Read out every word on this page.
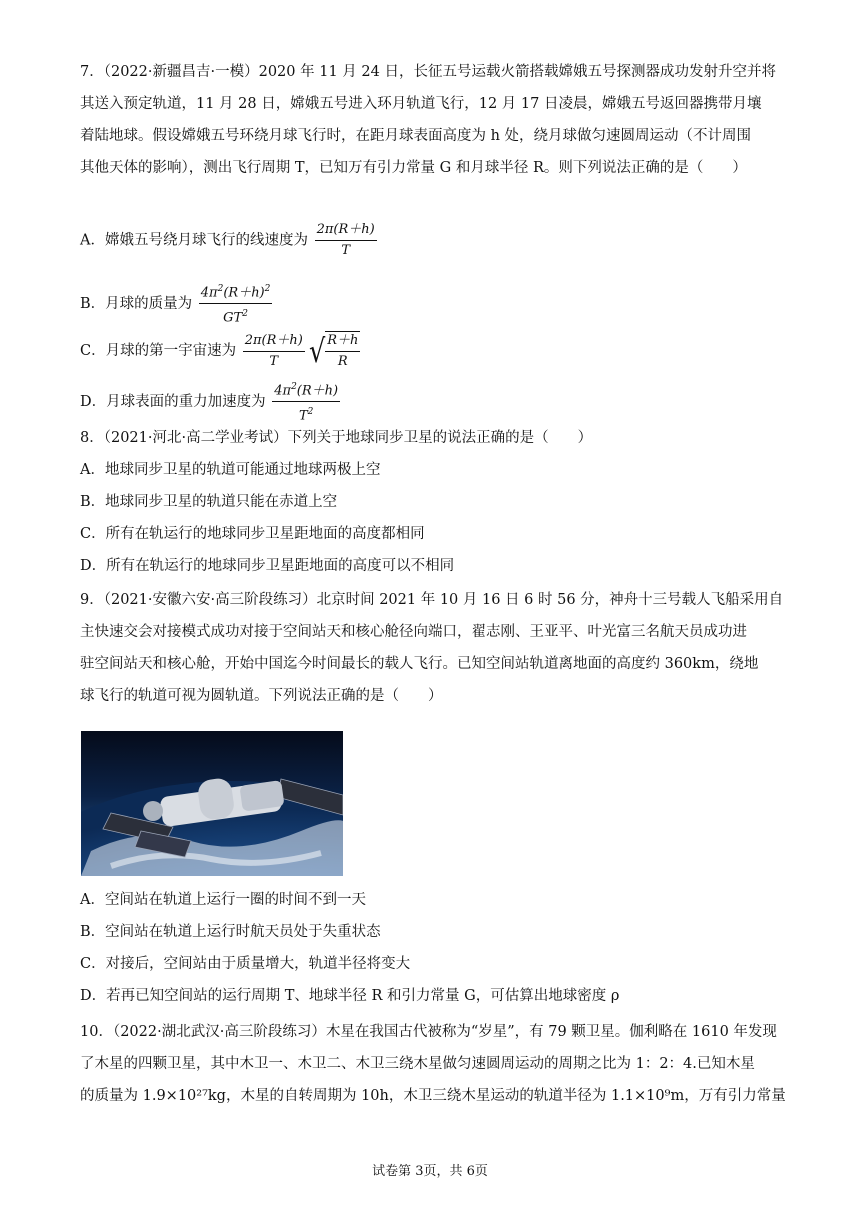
7．（2022·新疆昌吉·一模）2020 年 11 月 24 日，长征五号运载火箭搭载嫦娥五号探测器成功发射升空并将
其送入预定轨道，11 月 28 日，嫦娥五号进入环月轨道飞行，12 月 17 日凌晨，嫦娥五号返回器携带月壤
着陆地球。假设嫦娥五号环绕月球飞行时，在距月球表面高度为 h 处，绕月球做匀速圆周运动（不计周围
其他天体的影响），测出飞行周期 T，已知万有引力常量 G 和月球半径 R。则下列说法正确的是（　　）
A．嫦娥五号绕月球飞行的线速度为 $\frac{2\pi(R+h)}{T}$
B．月球的质量为 $\frac{4\pi^2(R+h)^2}{GT^2}$
C．月球的第一宇宙速为 $\frac{2\pi(R+h)}{T}$ √ $\frac{R+h}{R}$
D．月球表面的重力加速度为 $\frac{4\pi^2(R+h)}{T^2}$
8．（2021·河北·高二学业考试）下列关于地球同步卫星的说法正确的是（　　）
A．地球同步卫星的轨道可能通过地球两极上空
B．地球同步卫星的轨道只能在赤道上空
C．所有在轨运行的地球同步卫星距地面的高度都相同
D．所有在轨运行的地球同步卫星距地面的高度可以不相同
9．（2021·安徽六安·高三阶段练习）北京时间 2021 年 10 月 16 日 6 时 56 分，神舟十三号载人飞船采用自
主快速交会对接模式成功对接于空间站天和核心舱径向端口，翟志刚、王亚平、叶光富三名航天员成功进
驻空间站天和核心舱，开始中国迄今时间最长的载人飞行。已知空间站轨道离地面的高度约 360km，绕地
球飞行的轨道可视为圆轨道。下列说法正确的是（　　）
A．空间站在轨道上运行一圈的时间不到一天
B．空间站在轨道上运行时航天员处于失重状态
C．对接后，空间站由于质量增大，轨道半径将变大
D．若再已知空间站的运行周期 T、地球半径 R 和引力常量 G，可估算出地球密度 ρ
10．（2022·湖北武汉·高三阶段练习）木星在我国古代被称为“岁星”，有 79 颗卫星。伽利略在 1610 年发现
了木星的四颗卫星，其中木卫一、木卫二、木卫三绕木星做匀速圆周运动的周期之比为 1：2：4.已知木星
的质量为 1.9×10²⁷kg，木星的自转周期为 10h，木卫三绕木星运动的轨道半径为 1.1×10⁹m，万有引力常量
试卷第 3页，共 6页
